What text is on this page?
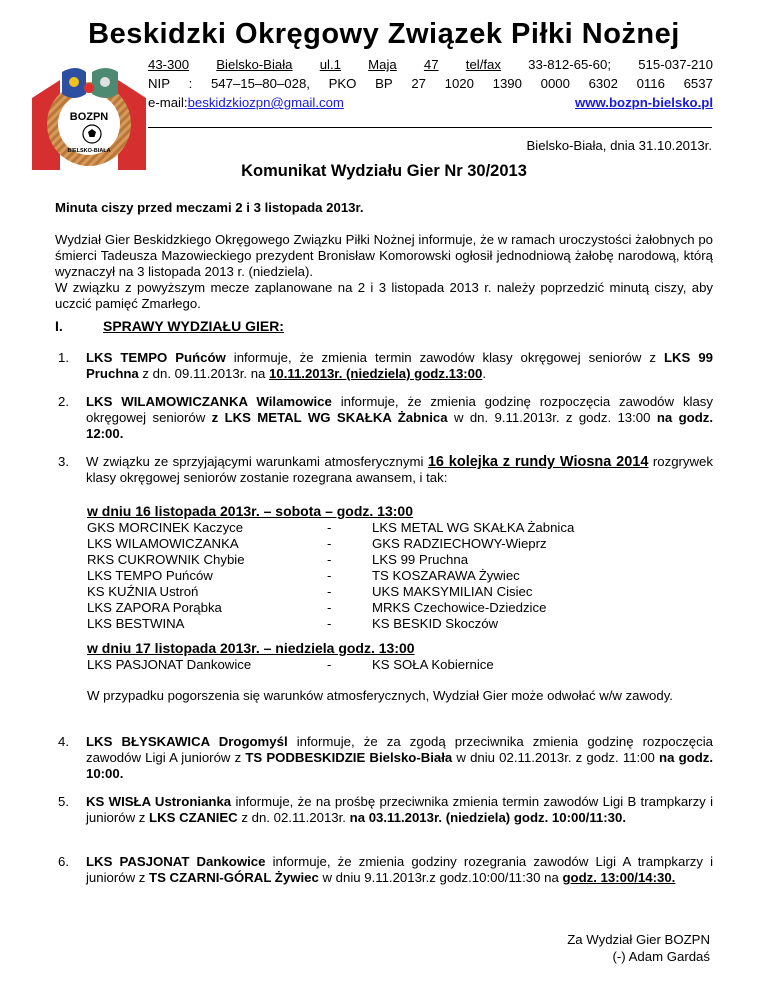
Beskidzki Okręgowy Związek Piłki Nożnej
BOZPN
BIELSKO-BIAŁA
43-300 Bielsko-Biała ul.1 Maja 47 tel/fax 33-812-65-60; 515-037-210
NIP : 547–15–80–028, PKO BP 27 1020 1390 0000 6302 0116 6537
e-mail:beskidzkiozpn@gmail.com	www.bozpn-bielsko.pl
Bielsko-Biała, dnia 31.10.2013r.
Komunikat Wydziału Gier Nr 30/2013
Minuta ciszy przed meczami 2 i 3 listopada 2013r.
Wydział Gier Beskidzkiego Okręgowego Związku Piłki Nożnej informuje, że w ramach uroczystości żałobnych po śmierci Tadeusza Mazowieckiego prezydent Bronisław Komorowski ogłosił jednodniową żałobę narodową, którą wyznaczył na 3 listopada 2013 r. (niedziela).
W związku z powyższym mecze zaplanowane na 2 i 3 listopada 2013 r. należy poprzedzić minutą ciszy, aby uczcić pamięć Zmarłego.
I.	SPRAWY WYDZIAŁU GIER:
1. LKS TEMPO Puńców informuje, że zmienia termin zawodów klasy okręgowej seniorów z LKS 99 Pruchna z dn. 09.11.2013r. na 10.11.2013r. (niedziela) godz.13:00.
2. LKS WILAMOWICZANKA Wilamowice informuje, że zmienia godzinę rozpoczęcia zawodów klasy okręgowej seniorów z LKS METAL WG SKAŁKA Żabnica w dn. 9.11.2013r. z godz. 13:00 na godz. 12:00.
3. W związku ze sprzyjającymi warunkami atmosferycznymi 16 kolejka z rundy Wiosna 2014 rozgrywek klasy okręgowej seniorów zostanie rozegrana awansem, i tak:
w dniu 16 listopada 2013r. – sobota – godz. 13:00
GKS MORCINEK Kaczyce	-	LKS METAL WG SKAŁKA Żabnica
LKS WILAMOWICZANKA	-	GKS RADZIECHOWY-Wieprz
RKS CUKROWNIK Chybie	-	LKS 99 Pruchna
LKS TEMPO Puńców	-	TS KOSZARAWA Żywiec
KS KUŹNIA Ustroń	-	UKS MAKSYMILIAN Cisiec
LKS ZAPORA Porąbka	-	MRKS Czechowice-Dziedzice
LKS BESTWINA	-	KS BESKID Skoczów
w dniu 17 listopada 2013r. – niedziela godz. 13:00
LKS PASJONAT Dankowice	-	KS SOŁA Kobiernice
W przypadku pogorszenia się warunków atmosferycznych, Wydział Gier może odwołać w/w zawody.
4. LKS BŁYSKAWICA Drogomyśl informuje, że za zgodą przeciwnika zmienia godzinę rozpoczęcia zawodów Ligi A juniorów z TS PODBESKIDZIE Bielsko-Biała w dniu 02.11.2013r. z godz. 11:00 na godz. 10:00.
5. KS WISŁA Ustronianka informuje, że na prośbę przeciwnika zmienia termin zawodów Ligi B trampkarzy i juniorów z LKS CZANIEC z dn. 02.11.2013r. na 03.11.2013r. (niedziela) godz. 10:00/11:30.
6. LKS PASJONAT Dankowice informuje, że zmienia godziny rozegrania zawodów Ligi A trampkarzy i juniorów z TS CZARNI-GÓRAL Żywiec w dniu 9.11.2013r.z godz.10:00/11:30 na godz. 13:00/14:30.
Za Wydział Gier BOZPN
(-) Adam Gardaś
